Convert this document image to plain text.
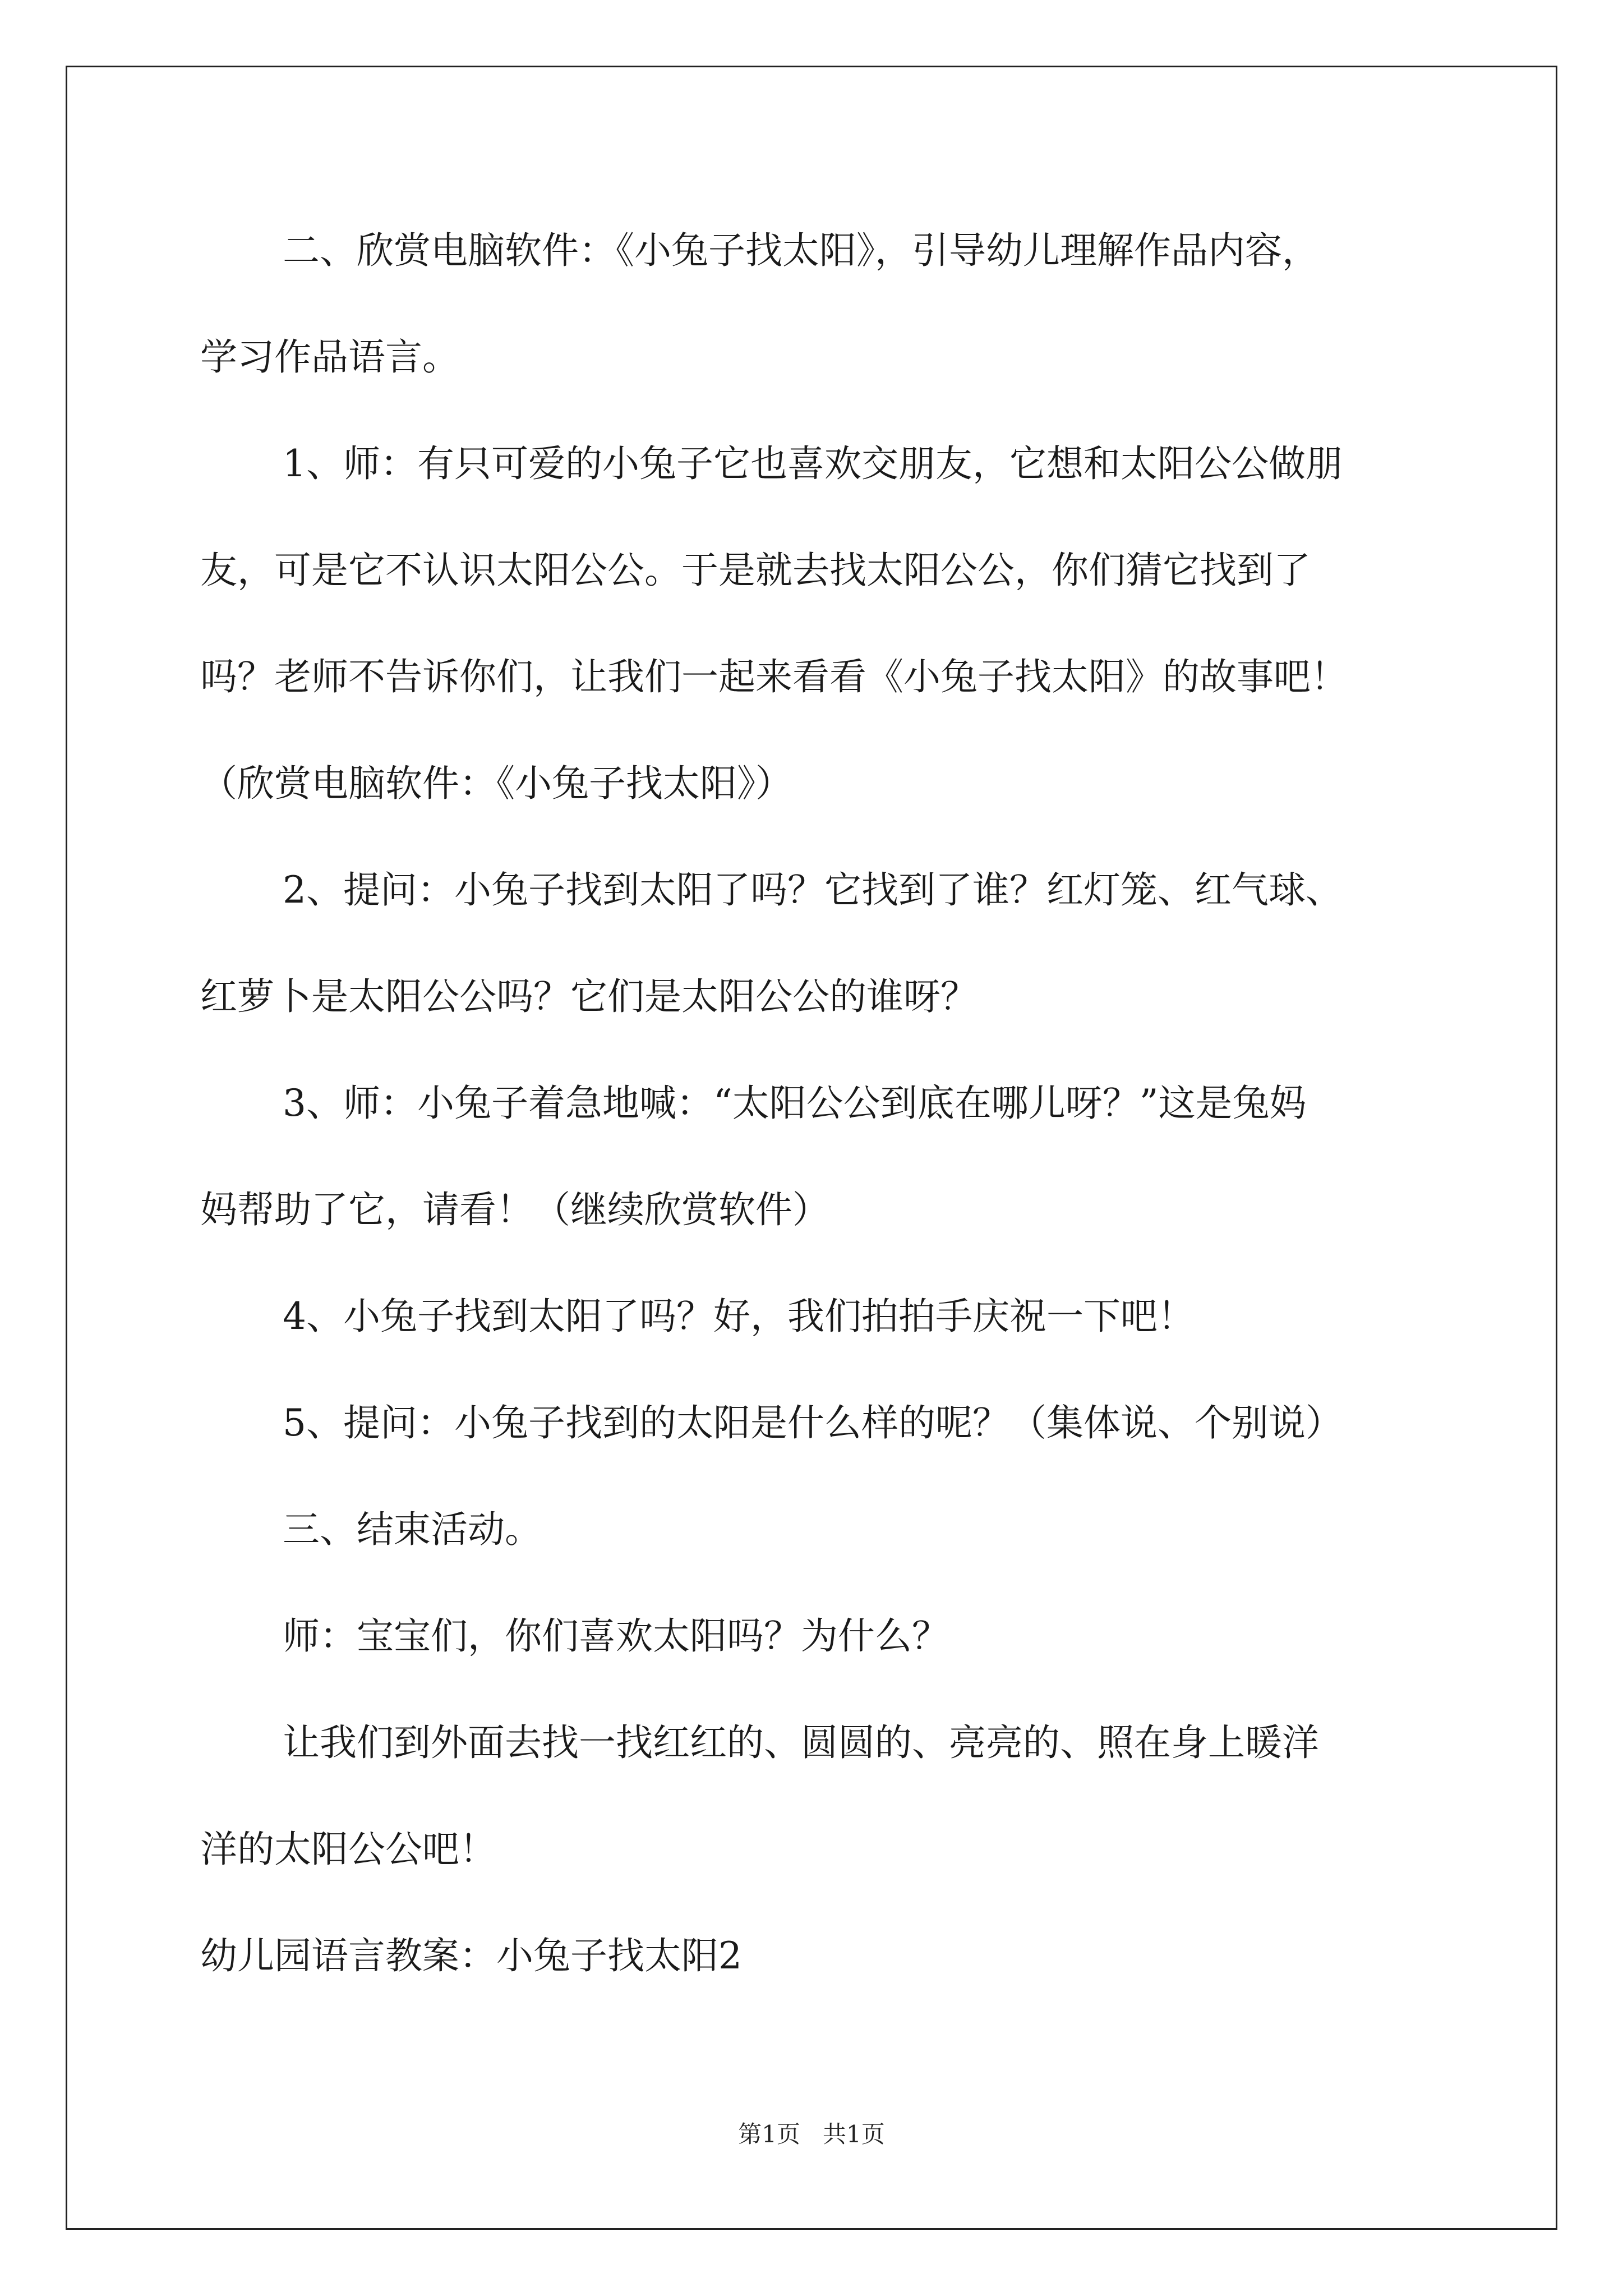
二、欣赏电脑软件：《小兔子找太阳》，引导幼儿理解作品内容，
学习作品语言。

1、师：有只可爱的小兔子它也喜欢交朋友，它想和太阳公公做朋
友，可是它不认识太阳公公。于是就去找太阳公公，你们猜它找到了
吗？老师不告诉你们，让我们一起来看看《小兔子找太阳》的故事吧！
（欣赏电脑软件：《小兔子找太阳》）

2、提问：小兔子找到太阳了吗？它找到了谁？红灯笼、红气球、
红萝卜是太阳公公吗？它们是太阳公公的谁呀？

3、师：小兔子着急地喊：“太阳公公到底在哪儿呀？”这是兔妈
妈帮助了它，请看！（继续欣赏软件）

4、小兔子找到太阳了吗？好，我们拍拍手庆祝一下吧！

5、提问：小兔子找到的太阳是什么样的呢？（集体说、个别说）

三、结束活动。

师：宝宝们，你们喜欢太阳吗？为什么？

让我们到外面去找一找红红的、圆圆的、亮亮的、照在身上暖洋
洋的太阳公公吧！

幼儿园语言教案：小兔子找太阳2

第1页   共1页
